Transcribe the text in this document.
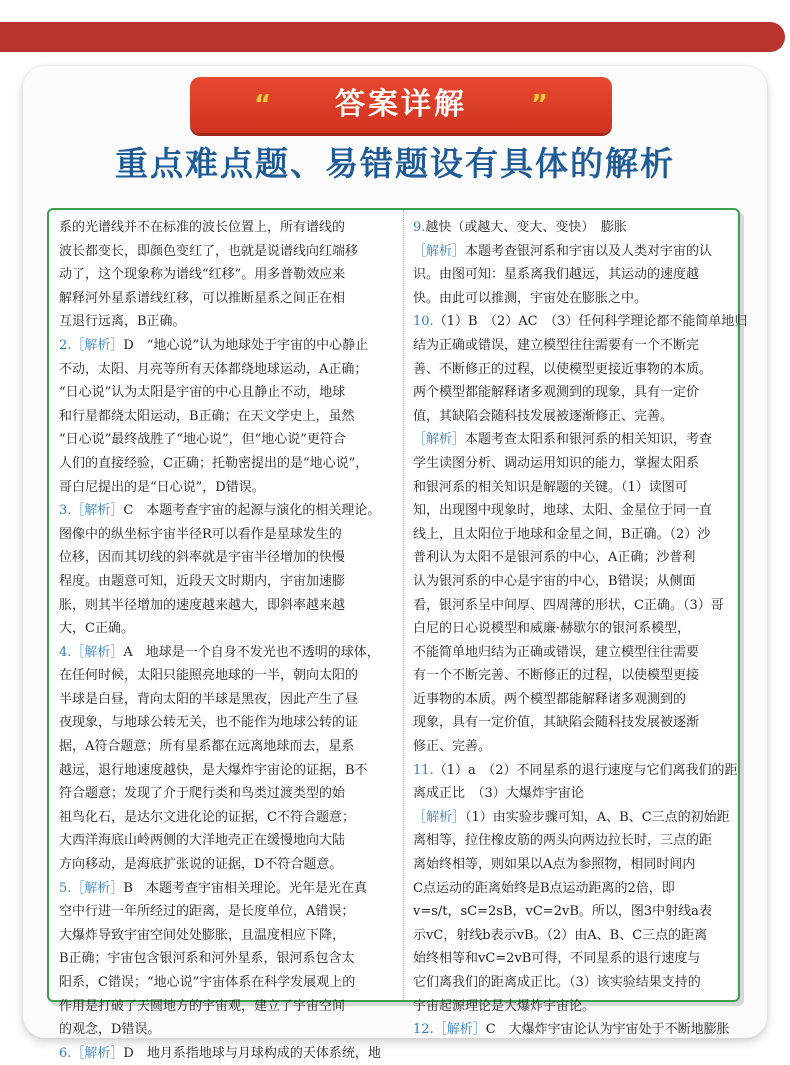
“ 答案详解 ”
重点难点题、易错题设有具体的解析
系的光谱线并不在标准的波长位置上，所有谱线的
波长都变长，即颜色变红了，也就是说谱线向红端移
动了，这个现象称为谱线“红移”。用多普勒效应来
解释河外星系谱线红移，可以推断星系之间正在相
互退行远离，B正确。
2.［解析］D　“地心说”认为地球处于宇宙的中心静止
不动，太阳、月亮等所有天体都绕地球运动，A正确；
“日心说”认为太阳是宇宙的中心且静止不动，地球
和行星都绕太阳运动，B正确；在天文学史上，虽然
“日心说”最终战胜了“地心说”，但“地心说”更符合
人们的直接经验，C正确；托勒密提出的是“地心说”，
哥白尼提出的是“日心说”，D错误。
3.［解析］C　本题考查宇宙的起源与演化的相关理论。
图像中的纵坐标宇宙半径R可以看作是星球发生的
位移，因而其切线的斜率就是宇宙半径增加的快慢
程度。由题意可知，近段天文时期内，宇宙加速膨
胀，则其半径增加的速度越来越大，即斜率越来越
大，C正确。
4.［解析］A　地球是一个自身不发光也不透明的球体，
在任何时候，太阳只能照亮地球的一半，朝向太阳的
半球是白昼，背向太阳的半球是黑夜，因此产生了昼
夜现象，与地球公转无关，也不能作为地球公转的证
据，A符合题意；所有星系都在远离地球而去，星系
越远，退行地速度越快，是大爆炸宇宙论的证据，B不
符合题意；发现了介于爬行类和鸟类过渡类型的始
祖鸟化石，是达尔文进化论的证据，C不符合题意；
大西洋海底山岭两侧的大洋地壳正在缓慢地向大陆
方向移动，是海底扩张说的证据，D不符合题意。
5.［解析］B　本题考查宇宙相关理论。光年是光在真
空中行进一年所经过的距离，是长度单位，A错误；
大爆炸导致宇宙空间处处膨胀，且温度相应下降，
B正确；宇宙包含银河系和河外星系，银河系包含太
阳系，C错误；“地心说”宇宙体系在科学发展观上的
作用是打破了天圆地方的宇宙观，建立了宇宙空间
的观念，D错误。
6.［解析］D　地月系指地球与月球构成的天体系统，地
9.越快（或越大、变大、变快）　膨胀
［解析］本题考查银河系和宇宙以及人类对宇宙的认
识。由图可知：星系离我们越远，其运动的速度越
快。由此可以推测，宇宙处在膨胀之中。
10.（1）B　（2）AC　（3）任何科学理论都不能简单地归
结为正确或错误，建立模型往往需要有一个不断完
善、不断修正的过程，以使模型更接近事物的本质。
两个模型都能解释诸多观测到的现象，具有一定价
值，其缺陷会随科技发展被逐渐修正、完善。
［解析］本题考查太阳系和银河系的相关知识，考查
学生读图分析、调动运用知识的能力，掌握太阳系
和银河系的相关知识是解题的关键。（1）读图可
知，出现图中现象时，地球、太阳、金星位于同一直
线上，且太阳位于地球和金星之间，B正确。（2）沙
普利认为太阳不是银河系的中心，A正确；沙普利
认为银河系的中心是宇宙的中心，B错误；从侧面
看，银河系呈中间厚、四周薄的形状，C正确。（3）哥
白尼的日心说模型和威廉·赫歇尔的银河系模型，
不能简单地归结为正确或错误，建立模型往往需要
有一个不断完善、不断修正的过程，以使模型更接
近事物的本质。两个模型都能解释诸多观测到的
现象，具有一定价值，其缺陷会随科技发展被逐渐
修正、完善。
11.（1）a　（2）不同星系的退行速度与它们离我们的距
离成正比　（3）大爆炸宇宙论
［解析］（1）由实验步骤可知，A、B、C三点的初始距
离相等，拉住橡皮筋的两头向两边拉长时，三点的距
离始终相等，则如果以A点为参照物，相同时间内
C点运动的距离始终是B点运动距离的2倍，即
v=s/t，sC=2sB，vC=2vB。所以，图3中射线a表
示vC，射线b表示vB。（2）由A、B、C三点的距离
始终相等和vC=2vB可得，不同星系的退行速度与
它们离我们的距离成正比。（3）该实验结果支持的
宇宙起源理论是大爆炸宇宙论。
12.［解析］C　大爆炸宇宙论认为宇宙处于不断地膨胀
